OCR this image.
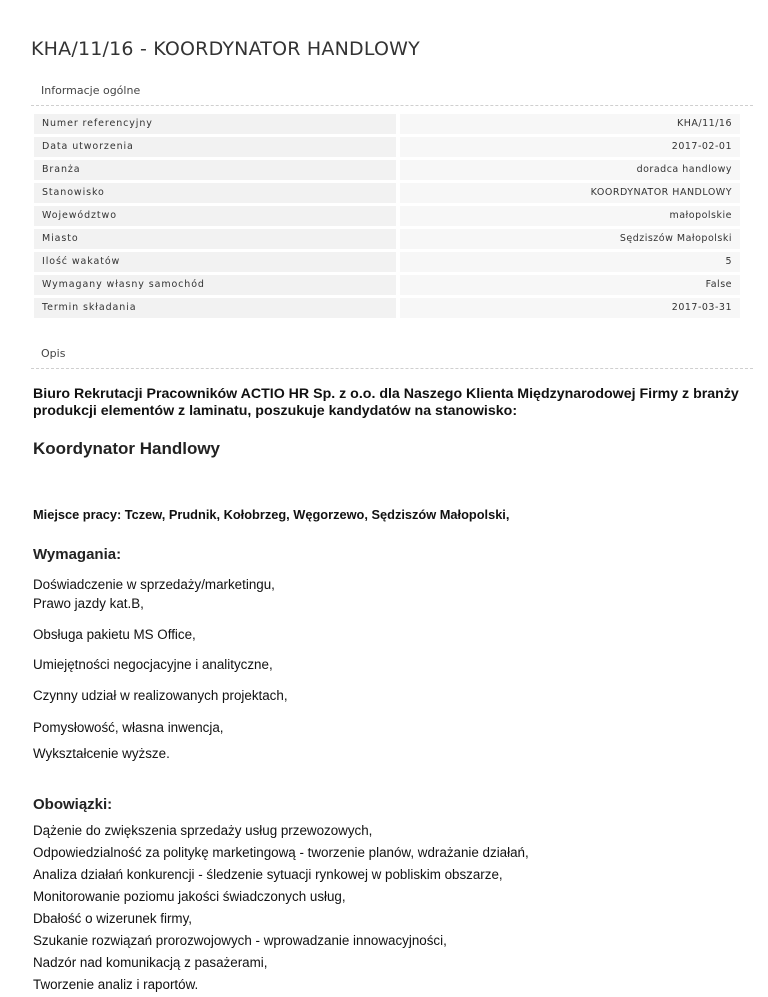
KHA/11/16 - KOORDYNATOR HANDLOWY
Informacje ogólne
Numer referencyjny	KHA/11/16
Data utworzenia	2017-02-01
Branża	doradca handlowy
Stanowisko	KOORDYNATOR HANDLOWY
Województwo	małopolskie
Miasto	Sędziszów Małopolski
Ilość wakatów	5
Wymagany własny samochód	False
Termin składania	2017-03-31
Opis
Biuro Rekrutacji Pracowników ACTIO HR Sp. z o.o. dla Naszego Klienta Międzynarodowej Firmy z branży produkcji elementów z laminatu, poszukuje kandydatów na stanowisko:
Koordynator Handlowy
Miejsce pracy: Tczew, Prudnik, Kołobrzeg, Węgorzewo, Sędziszów Małopolski,
Wymagania:
Doświadczenie w sprzedaży/marketingu,
Prawo jazdy kat.B,
Obsługa pakietu MS Office,
Umiejętności negocjacyjne i analityczne,
Czynny udział w realizowanych projektach,
Pomysłowość, własna inwencja,
Wykształcenie wyższe.
Obowiązki:
Dążenie do zwiększenia sprzedaży usług przewozowych,
Odpowiedzialność za politykę marketingową - tworzenie planów, wdrażanie działań,
Analiza działań konkurencji - śledzenie sytuacji rynkowej w pobliskim obszarze,
Monitorowanie poziomu jakości świadczonych usług,
Dbałość o wizerunek firmy,
Szukanie rozwiązań prorozwojowych - wprowadzanie innowacyjności,
Nadzór nad komunikacją z pasażerami,
Tworzenie analiz i raportów.
